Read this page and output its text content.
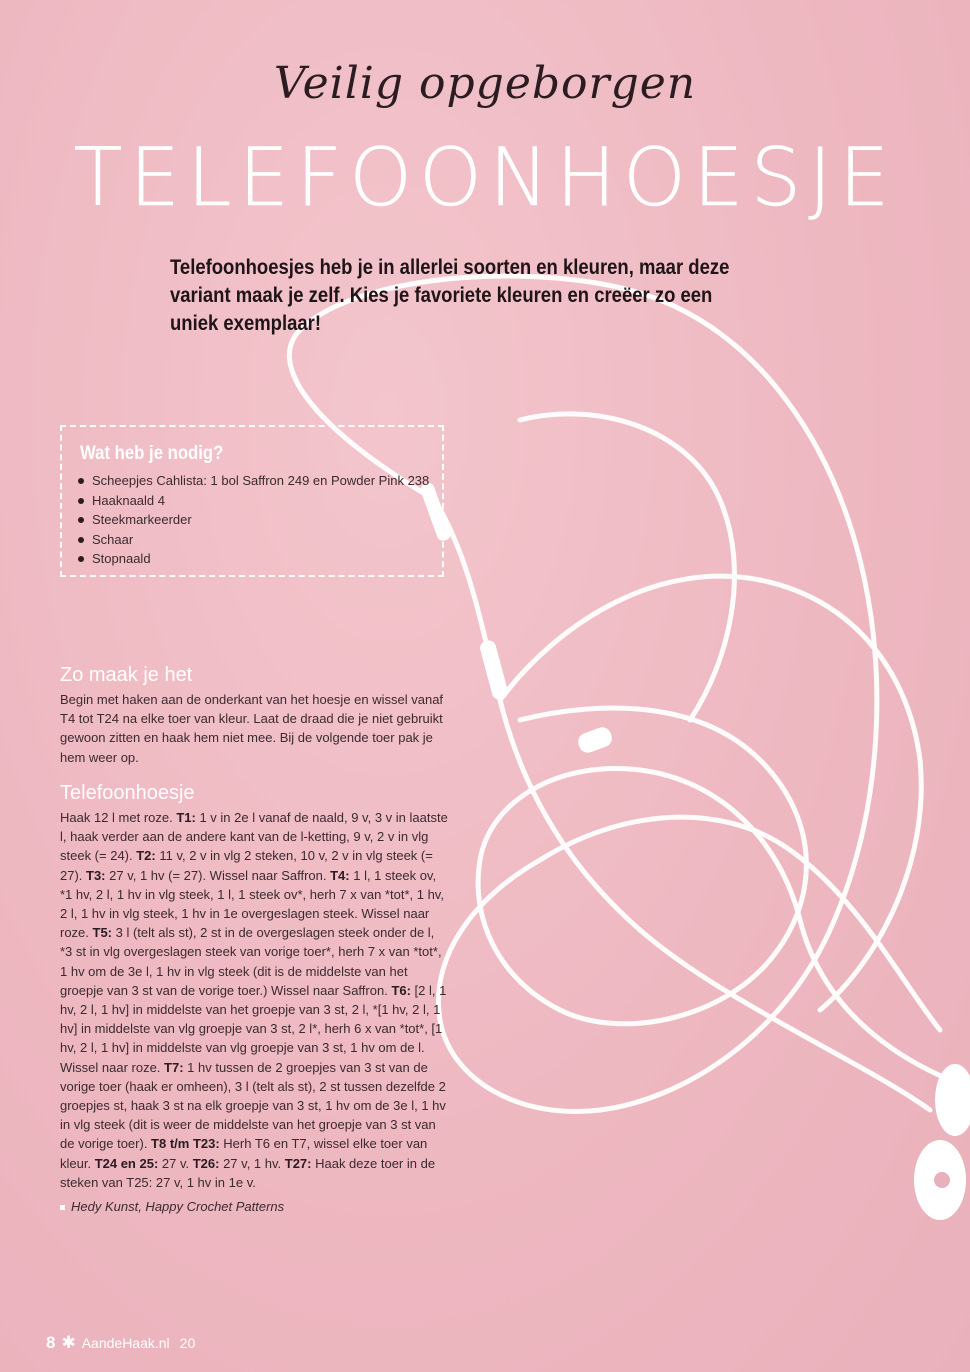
Veilig opgeborgen
TELEFOONHOESJE
Telefoonhoesjes heb je in allerlei soorten en kleuren, maar deze variant maak je zelf. Kies je favoriete kleuren en creëer zo een uniek exemplaar!
Wat heb je nodig?
Scheepjes Cahlista: 1 bol Saffron 249 en Powder Pink 238
Haaknaald 4
Steekmarkeerder
Schaar
Stopnaald
Zo maak je het
Begin met haken aan de onderkant van het hoesje en wissel vanaf T4 tot T24 na elke toer van kleur. Laat de draad die je niet gebruikt gewoon zitten en haak hem niet mee. Bij de volgende toer pak je hem weer op.
Telefoonhoesje
Haak 12 l met roze. T1: 1 v in 2e l vanaf de naald, 9 v, 3 v in laatste l, haak verder aan de andere kant van de l-ketting, 9 v, 2 v in vlg steek (= 24). T2: 11 v, 2 v in vlg 2 steken, 10 v, 2 v in vlg steek (= 27). T3: 27 v, 1 hv (= 27). Wissel naar Saffron. T4: 1 l, 1 steek ov, *1 hv, 2 l, 1 hv in vlg steek, 1 l, 1 steek ov*, herh 7 x van *tot*, 1 hv, 2 l, 1 hv in vlg steek, 1 hv in 1e overgeslagen steek. Wissel naar roze. T5: 3 l (telt als st), 2 st in de overgeslagen steek onder de l, *3 st in vlg overgeslagen steek van vorige toer*, herh 7 x van *tot*, 1 hv om de 3e l, 1 hv in vlg steek (dit is de middelste van het groepje van 3 st van de vorige toer.) Wissel naar Saffron. T6: [2 l, 1 hv, 2 l, 1 hv] in middelste van het groepje van 3 st, 2 l, *[1 hv, 2 l, 1 hv] in middelste van vlg groepje van 3 st, 2 l*, herh 6 x van *tot*, [1 hv, 2 l, 1 hv] in middelste van vlg groepje van 3 st, 1 hv om de l. Wissel naar roze. T7: 1 hv tussen de 2 groepjes van 3 st van de vorige toer (haak er omheen), 3 l (telt als st), 2 st tussen dezelfde 2 groepjes st, haak 3 st na elk groepje van 3 st, 1 hv om de 3e l, 1 hv in vlg steek (dit is weer de middelste van het groepje van 3 st van de vorige toer). T8 t/m T23: Herh T6 en T7, wissel elke toer van kleur. T24 en 25: 27 v. T26: 27 v, 1 hv. T27: Haak deze toer in de steken van T25: 27 v, 1 hv in 1e v.
Hedy Kunst, Happy Crochet Patterns
8 ✱ AandeHaak.nl 20
